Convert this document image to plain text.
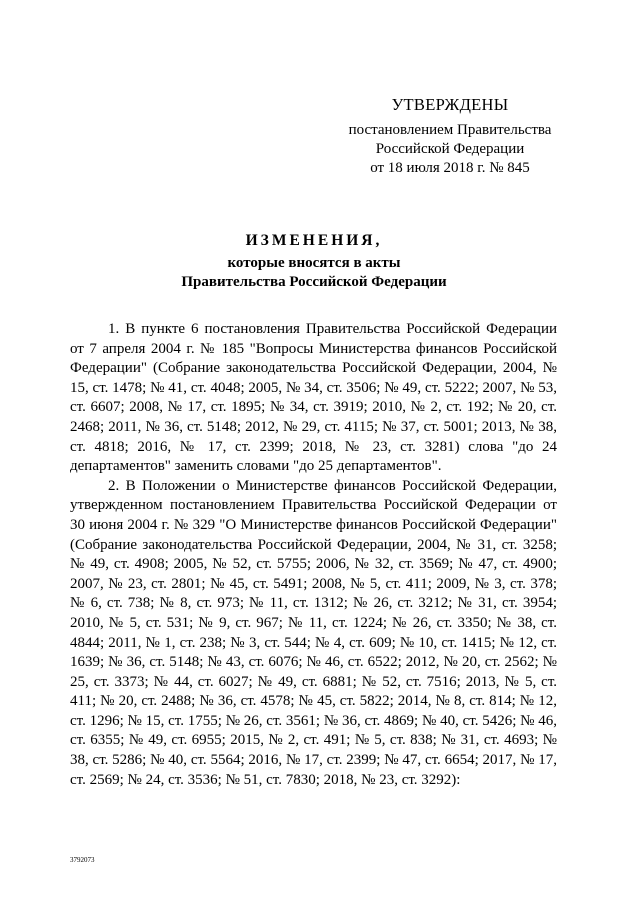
УТВЕРЖДЕНЫ
постановлением Правительства
Российской Федерации
от 18 июля 2018 г. № 845
ИЗМЕНЕНИЯ,
которые вносятся в акты
Правительства Российской Федерации

1. В пункте 6 постановления Правительства Российской Федерации от 7 апреля 2004 г. № 185 "Вопросы Министерства финансов Российской Федерации" (Собрание законодательства Российской Федерации, 2004, № 15, ст. 1478; № 41, ст. 4048; 2005, № 34, ст. 3506; № 49, ст. 5222; 2007, № 53, ст. 6607; 2008, № 17, ст. 1895; № 34, ст. 3919; 2010, № 2, ст. 192; № 20, ст. 2468; 2011, № 36, ст. 5148; 2012, № 29, ст. 4115; № 37, ст. 5001; 2013, № 38, ст. 4818; 2016, № 17, ст. 2399; 2018, № 23, ст. 3281) слова "до 24 департаментов" заменить словами "до 25 департаментов".

2. В Положении о Министерстве финансов Российской Федерации, утвержденном постановлением Правительства Российской Федерации от 30 июня 2004 г. № 329 "О Министерстве финансов Российской Федерации" (Собрание законодательства Российской Федерации, 2004, № 31, ст. 3258; № 49, ст. 4908; 2005, № 52, ст. 5755; 2006, № 32, ст. 3569; № 47, ст. 4900; 2007, № 23, ст. 2801; № 45, ст. 5491; 2008, № 5, ст. 411; 2009, № 3, ст. 378; № 6, ст. 738; № 8, ст. 973; № 11, ст. 1312; № 26, ст. 3212; № 31, ст. 3954; 2010, № 5, ст. 531; № 9, ст. 967; № 11, ст. 1224; № 26, ст. 3350; № 38, ст. 4844; 2011, № 1, ст. 238; № 3, ст. 544; № 4, ст. 609; № 10, ст. 1415; № 12, ст. 1639; № 36, ст. 5148; № 43, ст. 6076; № 46, ст. 6522; 2012, № 20, ст. 2562; № 25, ст. 3373; № 44, ст. 6027; № 49, ст. 6881; № 52, ст. 7516; 2013, № 5, ст. 411; № 20, ст. 2488; № 36, ст. 4578; № 45, ст. 5822; 2014, № 8, ст. 814; № 12, ст. 1296; № 15, ст. 1755; № 26, ст. 3561; № 36, ст. 4869; № 40, ст. 5426; № 46, ст. 6355; № 49, ст. 6955; 2015, № 2, ст. 491; № 5, ст. 838; № 31, ст. 4693; № 38, ст. 5286; № 40, ст. 5564; 2016, № 17, ст. 2399; № 47, ст. 6654; 2017, № 17, ст. 2569; № 24, ст. 3536; № 51, ст. 7830; 2018, № 23, ст. 3292):

3792073
